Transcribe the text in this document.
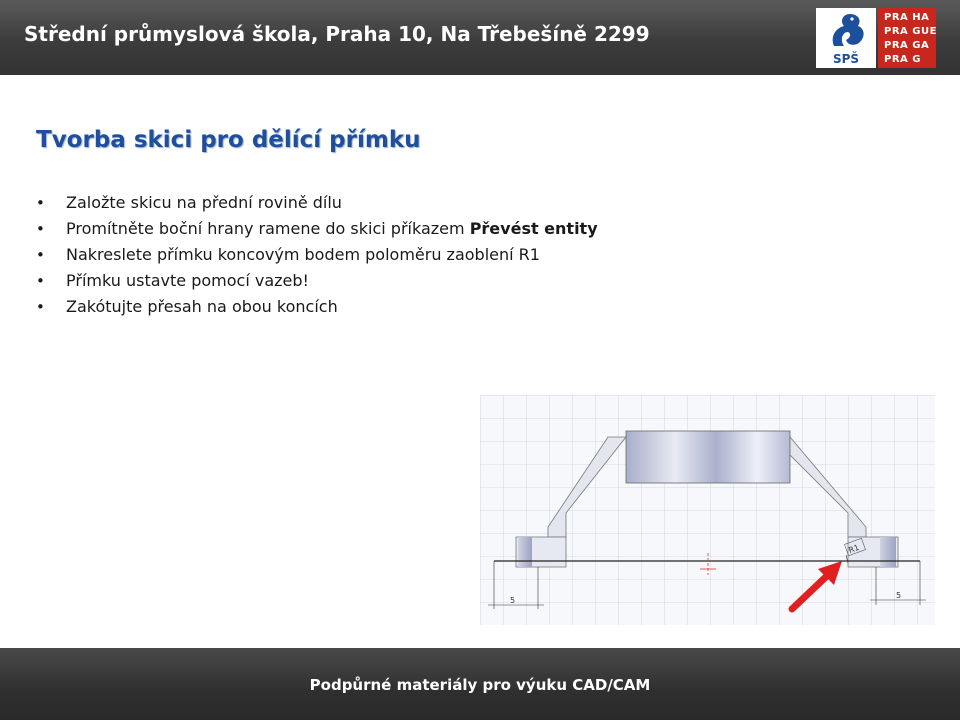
Střední průmyslová škola, Praha 10, Na Třebešíně 2299
SPŠ
PRA HA
PRA GUE
PRA GA
PRA G
Tvorba skici pro dělící přímku
• Založte skicu na přední rovině dílu
• Promítněte boční hrany ramene do skici příkazem Převést entity
• Nakreslete přímku koncovým bodem poloměru zaoblení R1
• Přímku ustavte pomocí vazeb!
• Zakótujte přesah na obou koncích
5
5
R1
Podpůrné materiály pro výuku CAD/CAM
